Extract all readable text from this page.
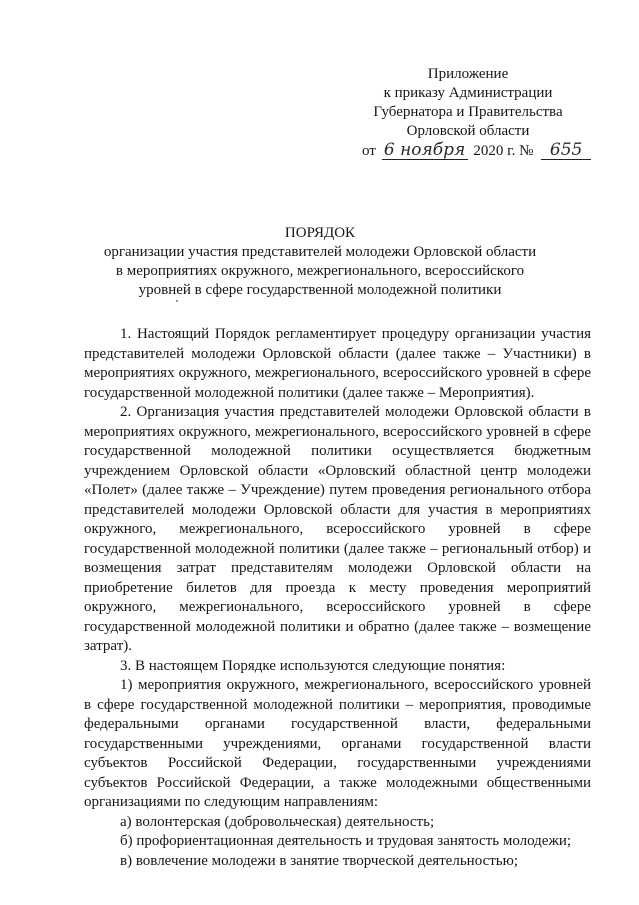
Приложение
к приказу Администрации
Губернатора и Правительства
Орловской области
от 6 ноября 2020 г. № 655
ПОРЯДОК
организации участия представителей молодежи Орловской области
в мероприятиях окружного, межрегионального, всероссийского
уровней в сфере государственной молодежной политики

1. Настоящий Порядок регламентирует процедуру организации участия представителей молодежи Орловской области (далее также – Участники) в мероприятиях окружного, межрегионального, всероссийского уровней в сфере государственной молодежной политики (далее также – Мероприятия).

2. Организация участия представителей молодежи Орловской области в мероприятиях окружного, межрегионального, всероссийского уровней в сфере государственной молодежной политики осуществляется бюджетным учреждением Орловской области «Орловский областной центр молодежи «Полет» (далее также – Учреждение) путем проведения регионального отбора представителей молодежи Орловской области для участия в мероприятиях окружного, межрегионального, всероссийского уровней в сфере государственной молодежной политики (далее также – региональный отбор) и возмещения затрат представителям молодежи Орловской области на приобретение билетов для проезда к месту проведения мероприятий окружного, межрегионального, всероссийского уровней в сфере государственной молодежной политики и обратно (далее также – возмещение затрат).

3. В настоящем Порядке используются следующие понятия:

1) мероприятия окружного, межрегионального, всероссийского уровней в сфере государственной молодежной политики – мероприятия, проводимые федеральными органами государственной власти, федеральными государственными учреждениями, органами государственной власти субъектов Российской Федерации, государственными учреждениями субъектов Российской Федерации, а также молодежными общественными организациями по следующим направлениям:

а) волонтерская (добровольческая) деятельность;

б) профориентационная деятельность и трудовая занятость молодежи;

в) вовлечение молодежи в занятие творческой деятельностью;
